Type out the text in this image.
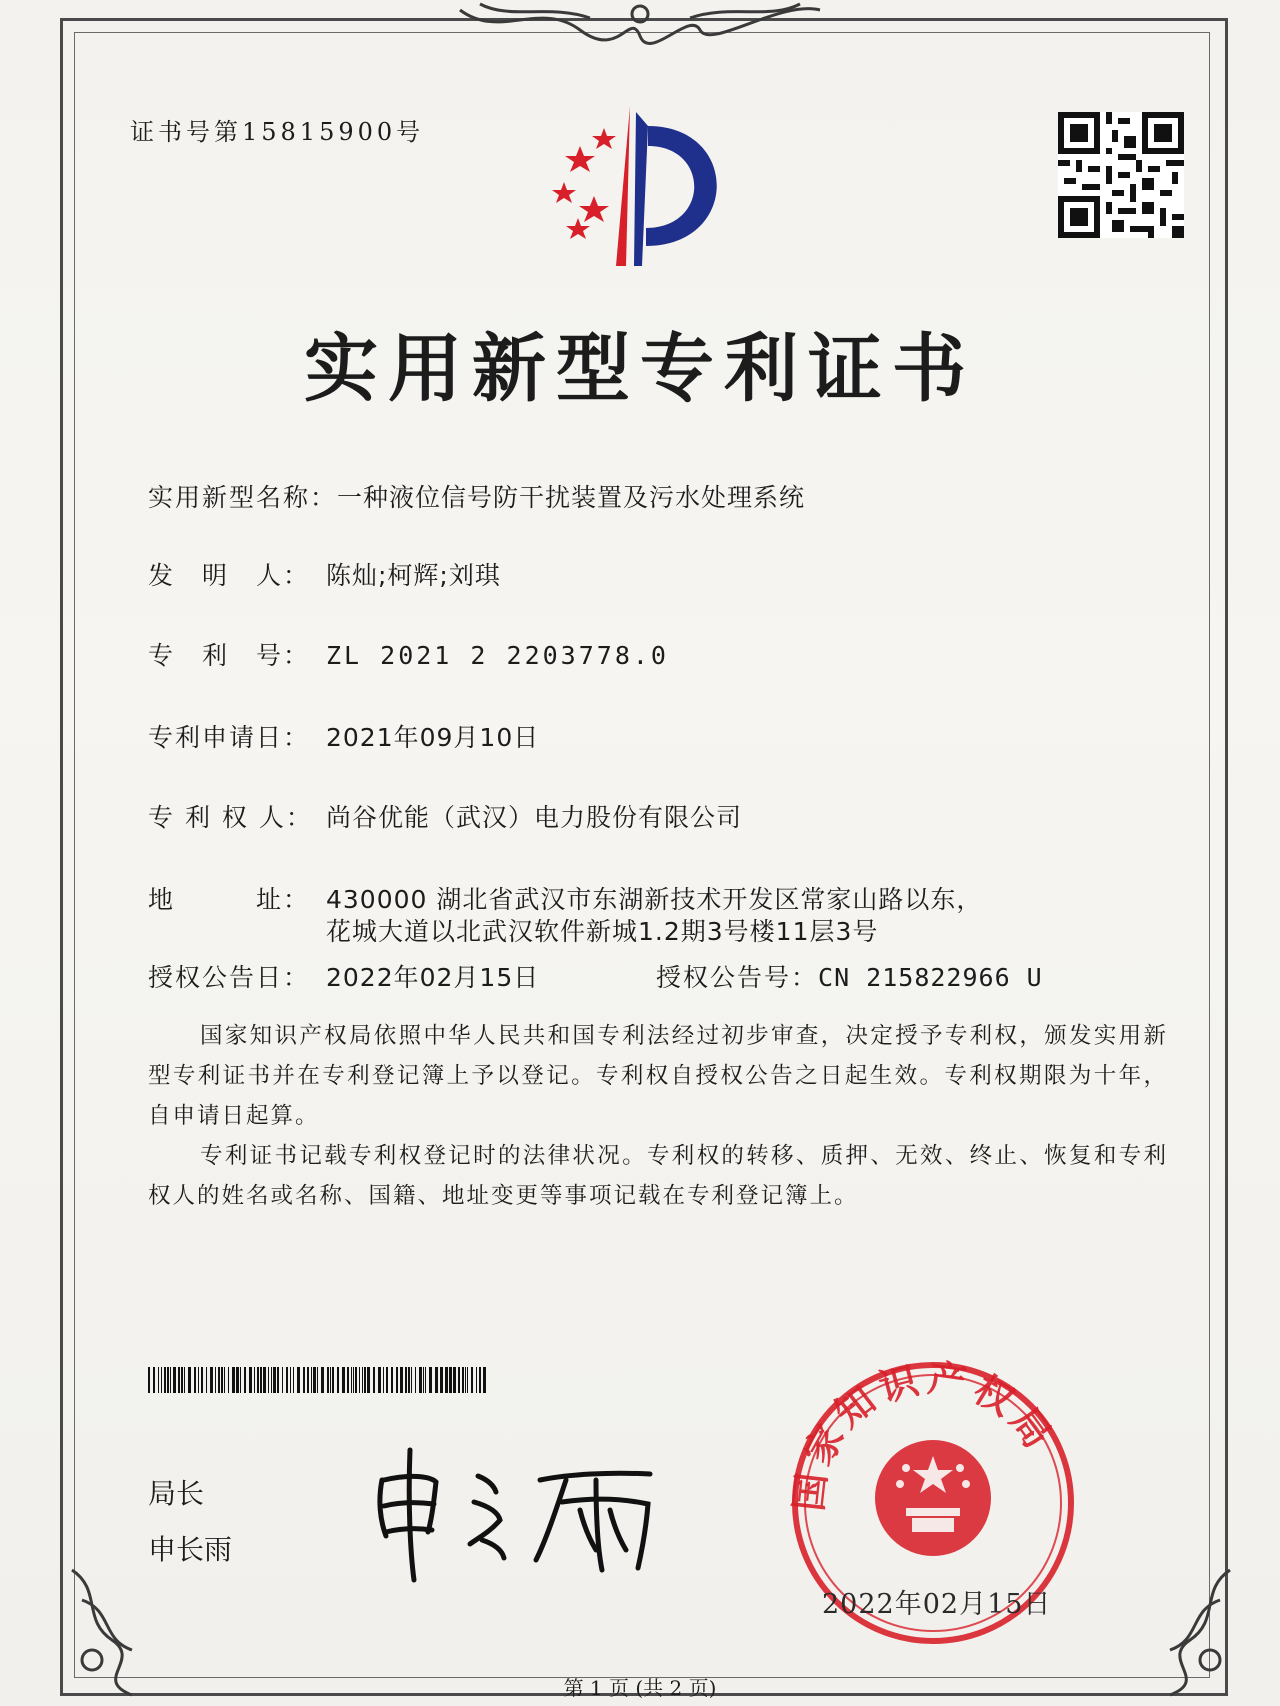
证书号第15815900号
实用新型专利证书
实用新型名称：一种液位信号防干扰装置及污水处理系统
发　明　人： 陈灿;柯辉;刘琪
专　利　号： ZL 2021 2 2203778.0
专利申请日： 2021年09月10日
专 利 权 人： 尚谷优能（武汉）电力股份有限公司
地　　　址： 430000 湖北省武汉市东湖新技术开发区常家山路以东，
花城大道以北武汉软件新城1.2期3号楼11层3号
授权公告日： 2022年02月15日	授权公告号：CN 215822966 U
国家知识产权局依照中华人民共和国专利法经过初步审查，决定授予专利权，颁发实用新型专利证书并在专利登记簿上予以登记。专利权自授权公告之日起生效。专利权期限为十年，自申请日起算。
专利证书记载专利权登记时的法律状况。专利权的转移、质押、无效、终止、恢复和专利权人的姓名或名称、国籍、地址变更等事项记载在专利登记簿上。
局长
申长雨
国家知识产权局
2022年02月15日
第 1 页 (共 2 页)
